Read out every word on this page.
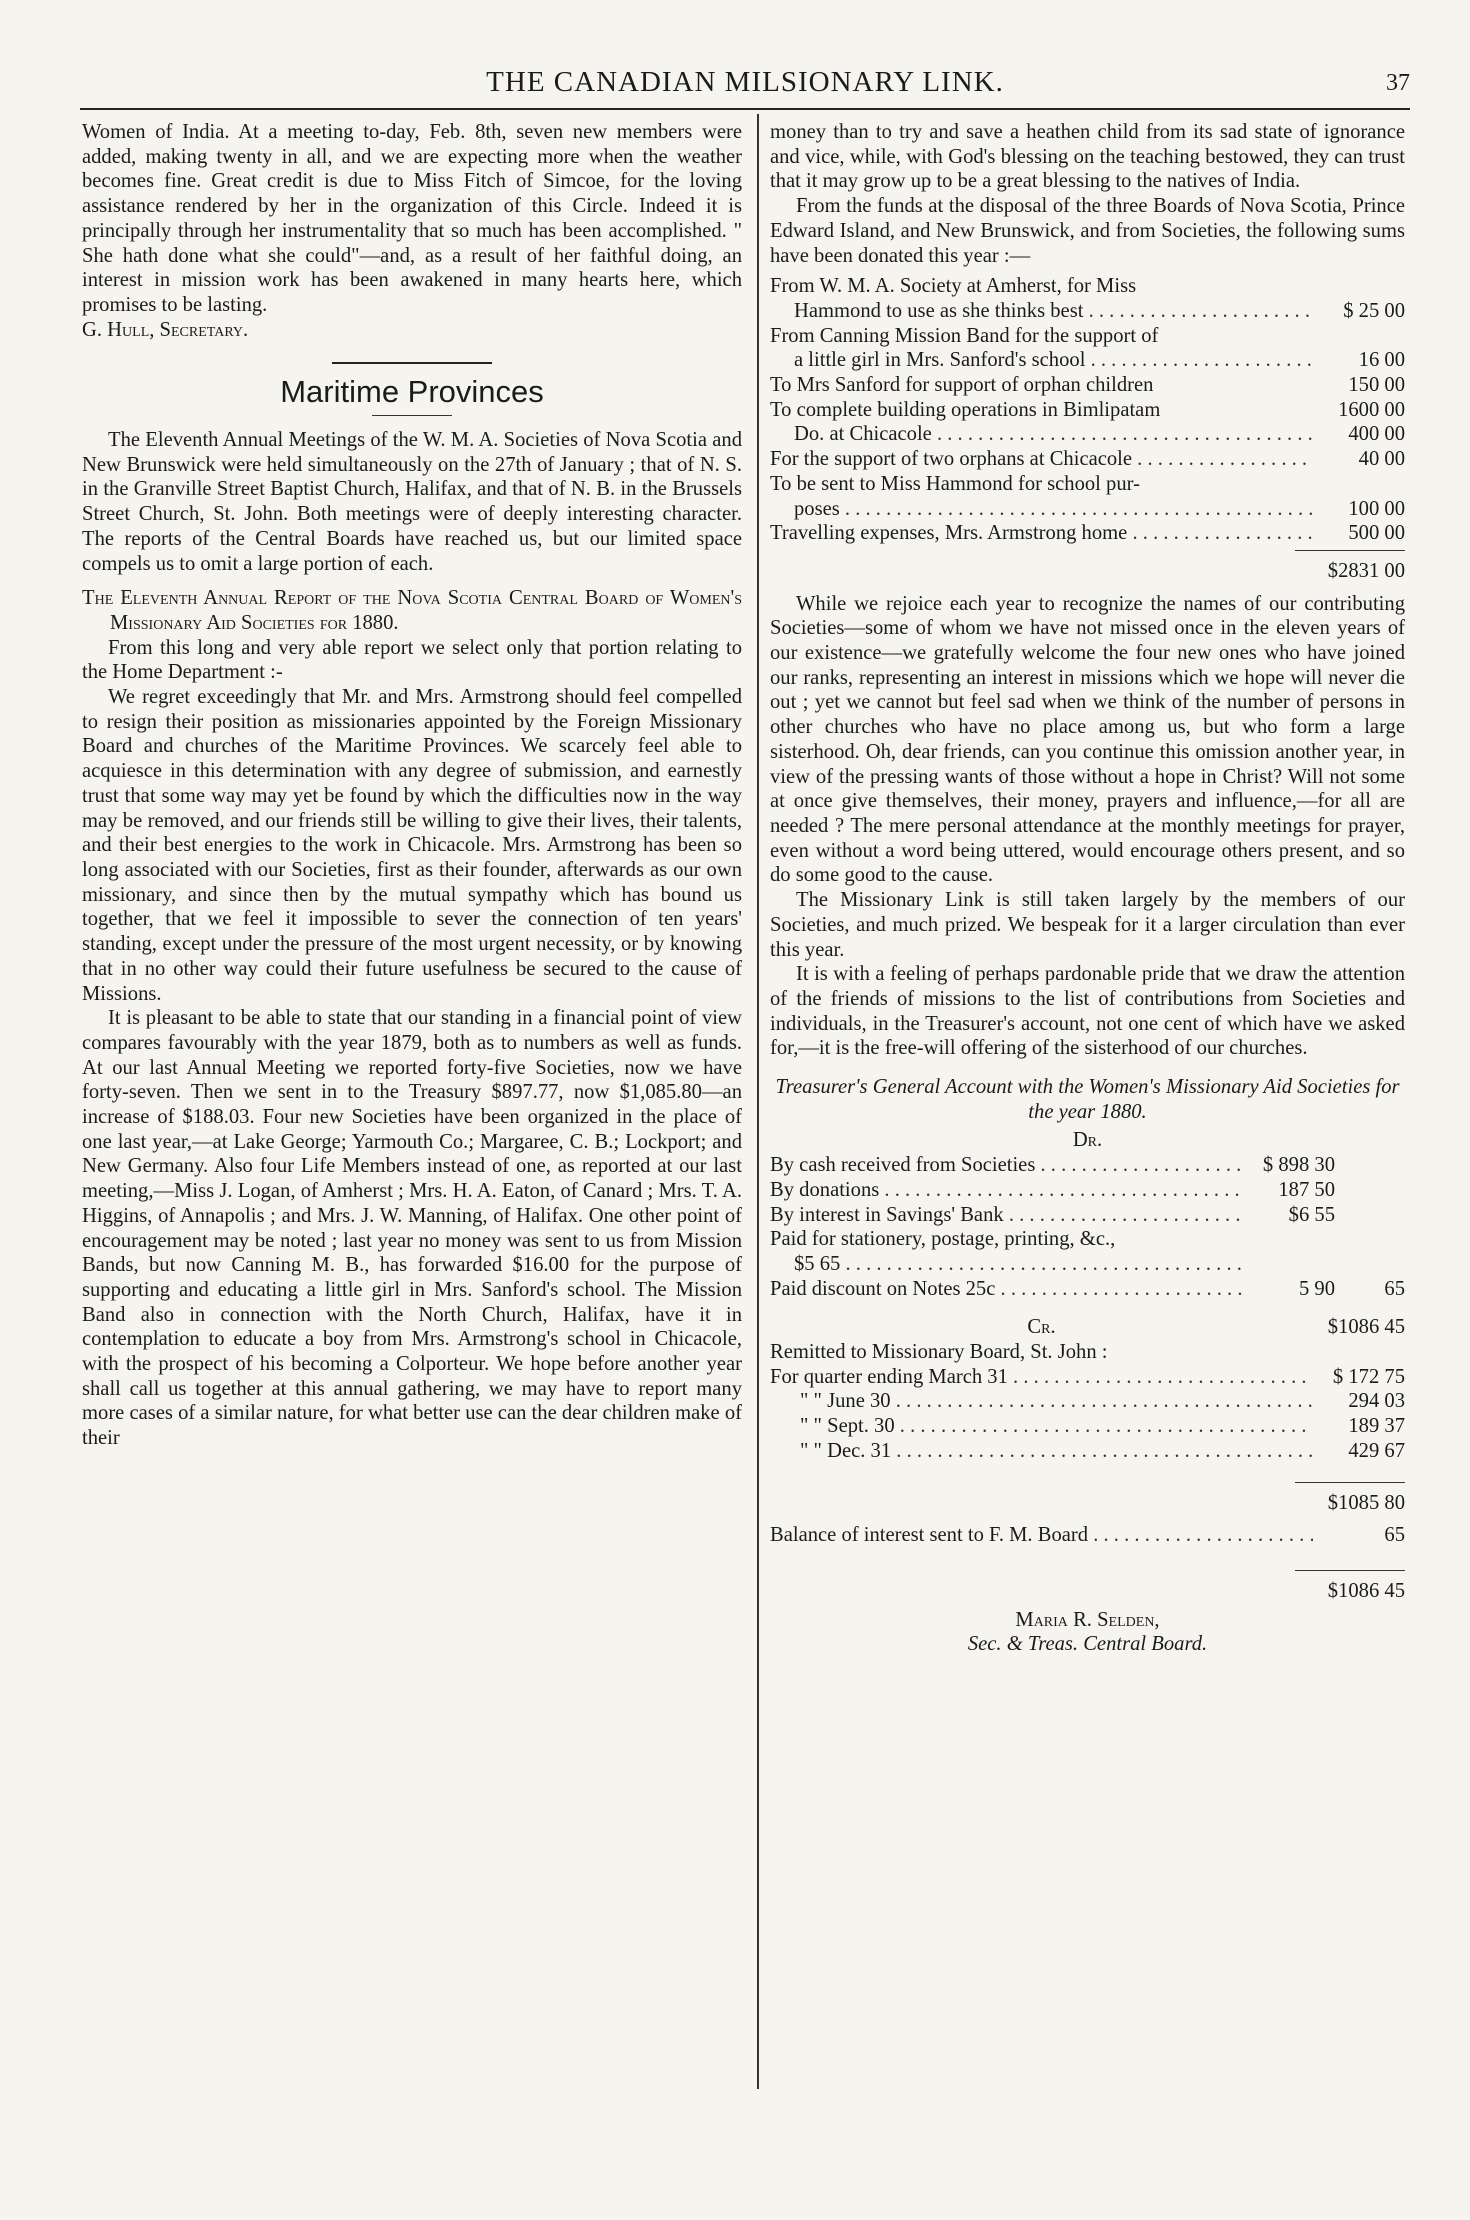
THE CANADIAN MILSIONARY LINK.	37

Women of India. At a meeting to-day, Feb. 8th, seven new members were added, making twenty in all, and we are expecting more when the weather becomes fine. Great credit is due to Miss Fitch of Simcoe, for the loving assistance rendered by her in the organization of this Circle. Indeed it is principally through her instrumentality that so much has been accomplished. " She hath done what she could"—and, as a result of her faithful doing, an interest in mission work has been awakened in many hearts here, which promises to be lasting.

G. Hull, Secretary.

Maritime Provinces

The Eleventh Annual Meetings of the W. M. A. Societies of Nova Scotia and New Brunswick were held simultaneously on the 27th of January ; that of N. S. in the Granville Street Baptist Church, Halifax, and that of N. B. in the Brussels Street Church, St. John. Both meetings were of deeply interesting character. The reports of the Central Boards have reached us, but our limited space compels us to omit a large portion of each.

The Eleventh Annual Report of the Nova Scotia Central Board of Women's Missionary Aid Societies for 1880.

From this long and very able report we select only that portion relating to the Home Department :-

We regret exceedingly that Mr. and Mrs. Armstrong should feel compelled to resign their position as missionaries appointed by the Foreign Missionary Board and churches of the Maritime Provinces. We scarcely feel able to acquiesce in this determination with any degree of submission, and earnestly trust that some way may yet be found by which the difficulties now in the way may be removed, and our friends still be willing to give their lives, their talents, and their best energies to the work in Chicacole. Mrs. Armstrong has been so long associated with our Societies, first as their founder, afterwards as our own missionary, and since then by the mutual sympathy which has bound us together, that we feel it impossible to sever the connection of ten years' standing, except under the pressure of the most urgent necessity, or by knowing that in no other way could their future usefulness be secured to the cause of Missions.

It is pleasant to be able to state that our standing in a financial point of view compares favourably with the year 1879, both as to numbers as well as funds. At our last Annual Meeting we reported forty-five Societies, now we have forty-seven. Then we sent in to the Treasury $897.77, now $1,085.80—an increase of $188.03. Four new Societies have been organized in the place of one last year,—at Lake George; Yarmouth Co.; Margaree, C. B.; Lockport; and New Germany. Also four Life Members instead of one, as reported at our last meeting,—Miss J. Logan, of Amherst ; Mrs. H. A. Eaton, of Canard ; Mrs. T. A. Higgins, of Annapolis ; and Mrs. J. W. Manning, of Halifax. One other point of encouragement may be noted ; last year no money was sent to us from Mission Bands, but now Canning M. B., has forwarded $16.00 for the purpose of supporting and educating a little girl in Mrs. Sanford's school. The Mission Band also in connection with the North Church, Halifax, have it in contemplation to educate a boy from Mrs. Armstrong's school in Chicacole, with the prospect of his becoming a Colporteur. We hope before another year shall call us together at this annual gathering, we may have to report many more cases of a similar nature, for what better use can the dear children make of their

money than to try and save a heathen child from its sad state of ignorance and vice, while, with God's blessing on the teaching bestowed, they can trust that it may grow up to be a great blessing to the natives of India.

From the funds at the disposal of the three Boards of Nova Scotia, Prince Edward Island, and New Brunswick, and from Societies, the following sums have been donated this year :—

From W. M. A. Society at Amherst, for Miss
Hammond to use as she thinks best . . .	$ 25 00
From Canning Mission Band for the support of
a little girl in Mrs. Sanford's school . . .	16 00
To Mrs Sanford for support of orphan children	150 00
To complete building operations in Bimlipatam	1600 00
Do. at Chicacole . . .	400 00
For the support of two orphans at Chicacole . . .	40 00
To be sent to Miss Hammond for school pur-
poses . . .	100 00
Travelling expenses, Mrs. Armstrong home . . .	500 00
$2831 00

While we rejoice each year to recognize the names of our contributing Societies—some of whom we have not missed once in the eleven years of our existence—we gratefully welcome the four new ones who have joined our ranks, representing an interest in missions which we hope will never die out ; yet we cannot but feel sad when we think of the number of persons in other churches who have no place among us, but who form a large sisterhood. Oh, dear friends, can you continue this omission another year, in view of the pressing wants of those without a hope in Christ? Will not some at once give themselves, their money, prayers and influence,—for all are needed ? The mere personal attendance at the monthly meetings for prayer, even without a word being uttered, would encourage others present, and so do some good to the cause.

The Missionary Link is still taken largely by the members of our Societies, and much prized. We bespeak for it a larger circulation than ever this year.

It is with a feeling of perhaps pardonable pride that we draw the attention of the friends of missions to the list of contributions from Societies and individuals, in the Treasurer's account, not one cent of which have we asked for,—it is the free-will offering of the sisterhood of our churches.

Treasurer's General Account with the Women's Missionary Aid Societies for the year 1880.
Dr.
By cash received from Societies . . .	$ 898 30
By donations . . .	187 50
By interest in Savings' Bank . . .	$6 55
Paid for stationery, postage, printing, &c.,
$5 65 . . .
Paid discount on Notes 25c . . .	5 90	65
Cr.	$1086 45
Remitted to Missionary Board, St. John :
For quarter ending March 31 . . .	$ 172 75
" " June 30 . . .	294 03
" " Sept. 30 . . .	189 37
" " Dec. 31 . . .	429 67
$1085 80
Balance of interest sent to F. M. Board . . .	65
$1086 45
Maria R. Selden,
Sec. & Treas. Central Board.
